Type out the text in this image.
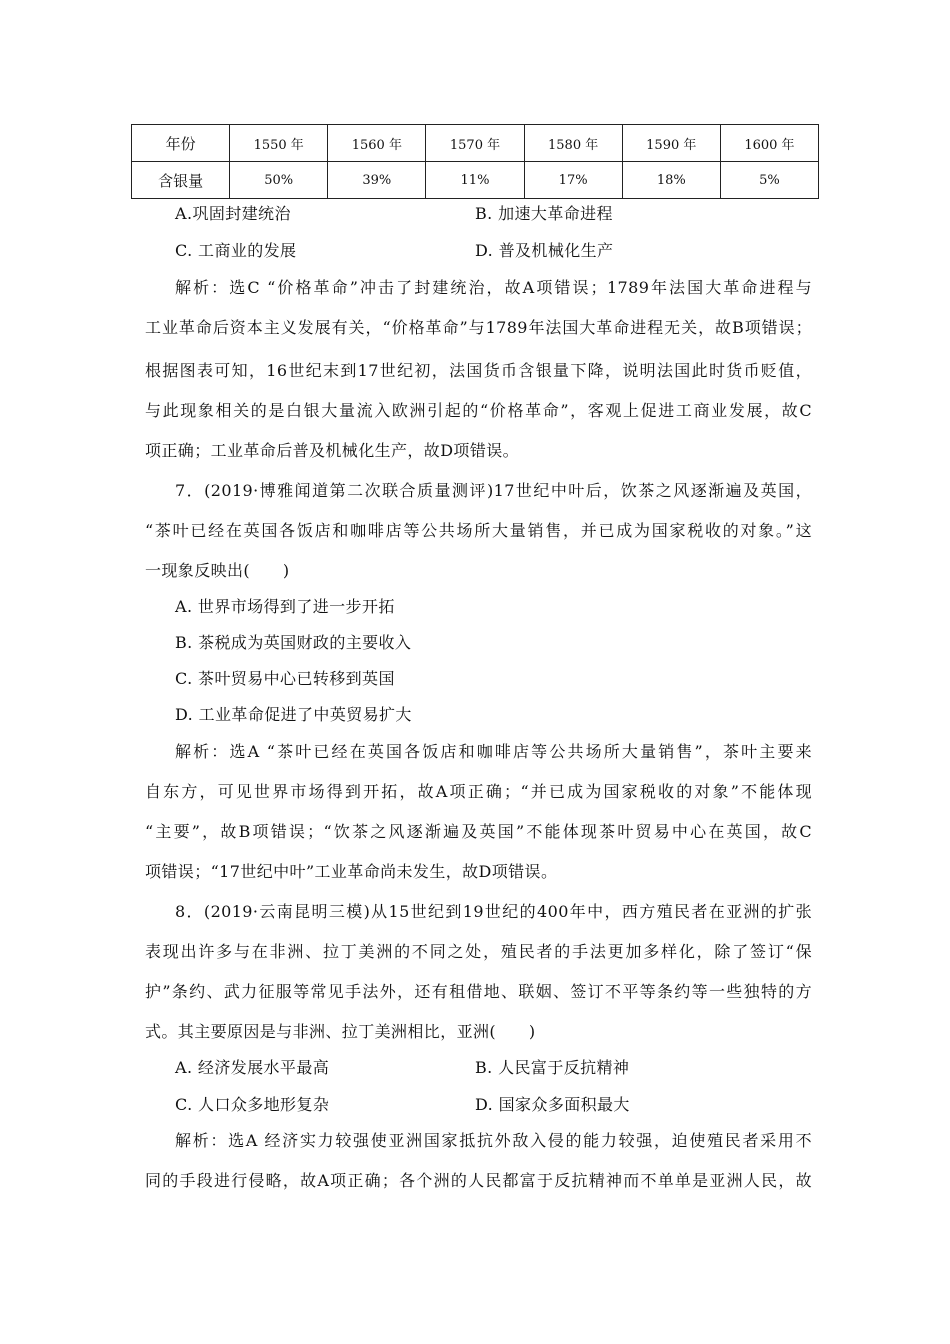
年份	1550 年	1560 年	1570 年	1580 年	1590 年	1600 年
含银量	50%	39%	11%	17%	18%	5%
A.巩固封建统治	B. 加速大革命进程
C. 工商业的发展	D. 普及机械化生产
解析：选C “价格革命”冲击了封建统治，故A项错误；1789年法国大革命进程与
工业革命后资本主义发展有关，“价格革命”与1789年法国大革命进程无关，故B项错误；
根据图表可知，16世纪末到17世纪初，法国货币含银量下降，说明法国此时货币贬值，
与此现象相关的是白银大量流入欧洲引起的“价格革命”，客观上促进工商业发展，故C
项正确；工业革命后普及机械化生产，故D项错误。
7．(2019·博雅闻道第二次联合质量测评)17世纪中叶后，饮茶之风逐渐遍及英国，
“茶叶已经在英国各饭店和咖啡店等公共场所大量销售，并已成为国家税收的对象。”这
一现象反映出(　　)
A. 世界市场得到了进一步开拓
B. 茶税成为英国财政的主要收入
C. 茶叶贸易中心已转移到英国
D. 工业革命促进了中英贸易扩大
解析：选A “茶叶已经在英国各饭店和咖啡店等公共场所大量销售”，茶叶主要来
自东方，可见世界市场得到开拓，故A项正确；“并已成为国家税收的对象”不能体现
“主要”，故B项错误；“饮茶之风逐渐遍及英国”不能体现茶叶贸易中心在英国，故C
项错误；“17世纪中叶”工业革命尚未发生，故D项错误。
8．(2019·云南昆明三模)从15世纪到19世纪的400年中，西方殖民者在亚洲的扩张
表现出许多与在非洲、拉丁美洲的不同之处，殖民者的手法更加多样化，除了签订“保
护”条约、武力征服等常见手法外，还有租借地、联姻、签订不平等条约等一些独特的方
式。其主要原因是与非洲、拉丁美洲相比，亚洲(　　)
A. 经济发展水平最高	B. 人民富于反抗精神
C. 人口众多地形复杂	D. 国家众多面积最大
解析：选A 经济实力较强使亚洲国家抵抗外敌入侵的能力较强，迫使殖民者采用不
同的手段进行侵略，故A项正确；各个洲的人民都富于反抗精神而不单单是亚洲人民，故
